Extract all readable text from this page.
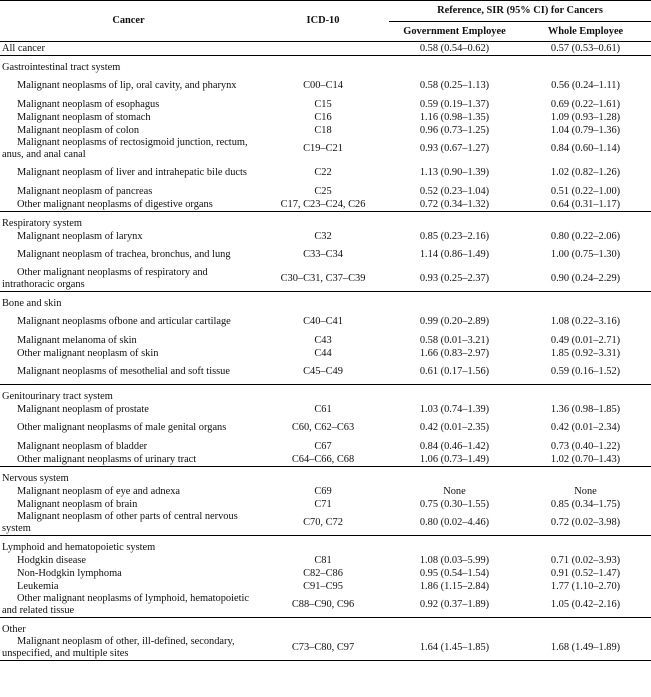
Cancer	ICD-10	Reference, SIR (95% CI) for Cancers	
		Government Employee	Whole Employee
All cancer		0.58 (0.54–0.62)	0.57 (0.53–0.61)

Gastrointestinal tract system			

Malignant neoplasms of lip, oral cavity, and pharynx	C00–C14	0.58 (0.25–1.13)	0.56 (0.24–1.11)

Malignant neoplasm of esophagus	C15	0.59 (0.19–1.37)	0.69 (0.22–1.61)

Malignant neoplasm of stomach	C16	1.16 (0.98–1.35)	1.09 (0.93–1.28)

Malignant neoplasm of colon	C18	0.96 (0.73–1.25)	1.04 (0.79–1.36)

Malignant neoplasms of rectosigmoid junction, rectum, anus, and anal canal	C19–C21	0.93 (0.67–1.27)	0.84 (0.60–1.14)

Malignant neoplasm of liver and intrahepatic bile ducts	C22	1.13 (0.90–1.39)	1.02 (0.82–1.26)

Malignant neoplasm of pancreas	C25	0.52 (0.23–1.04)	0.51 (0.22–1.00)

Other malignant neoplasms of digestive organs	C17, C23–C24, C26	0.72 (0.34–1.32)	0.64 (0.31–1.17)

Respiratory system			

Malignant neoplasm of larynx	C32	0.85 (0.23–2.16)	0.80 (0.22–2.06)

Malignant neoplasm of trachea, bronchus, and lung	C33–C34	1.14 (0.86–1.49)	1.00 (0.75–1.30)

Other malignant neoplasms of respiratory and intrathoracic organs	C30–C31, C37–C39	0.93 (0.25–2.37)	0.90 (0.24–2.29)

Bone and skin			

Malignant neoplasms ofbone and articular cartilage	C40–C41	0.99 (0.20–2.89)	1.08 (0.22–3.16)

Malignant melanoma of skin	C43	0.58 (0.01–3.21)	0.49 (0.01–2.71)

Other malignant neoplasm of skin	C44	1.66 (0.83–2.97)	1.85 (0.92–3.31)

Malignant neoplasms of mesothelial and soft tissue	C45–C49	0.61 (0.17–1.56)	0.59 (0.16–1.52)

Genitourinary tract system			

Malignant neoplasm of prostate	C61	1.03 (0.74–1.39)	1.36 (0.98–1.85)

Other malignant neoplasms of male genital organs	C60, C62–C63	0.42 (0.01–2.35)	0.42 (0.01–2.34)

Malignant neoplasm of bladder	C67	0.84 (0.46–1.42)	0.73 (0.40–1.22)

Other malignant neoplasms of urinary tract	C64–C66, C68	1.06 (0.73–1.49)	1.02 (0.70–1.43)

Nervous system			

Malignant neoplasm of eye and adnexa	C69	None	None

Malignant neoplasm of brain	C71	0.75 (0.30–1.55)	0.85 (0.34–1.75)

Malignant neoplasm of other parts of central nervous system	C70, C72	0.80 (0.02–4.46)	0.72 (0.02–3.98)

Lymphoid and hematopoietic system			

Hodgkin disease	C81	1.08 (0.03–5.99)	0.71 (0.02–3.93)

Non-Hodgkin lymphoma	C82–C86	0.95 (0.54–1.54)	0.91 (0.52–1.47)

Leukemia	C91–C95	1.86 (1.15–2.84)	1.77 (1.10–2.70)

Other malignant neoplasms of lymphoid, hematopoietic and related tissue	C88–C90, C96	0.92 (0.37–1.89)	1.05 (0.42–2.16)

Other			

Malignant neoplasm of other, ill-defined, secondary, unspecified, and multiple sites	C73–C80, C97	1.64 (1.45–1.85)	1.68 (1.49–1.89)
